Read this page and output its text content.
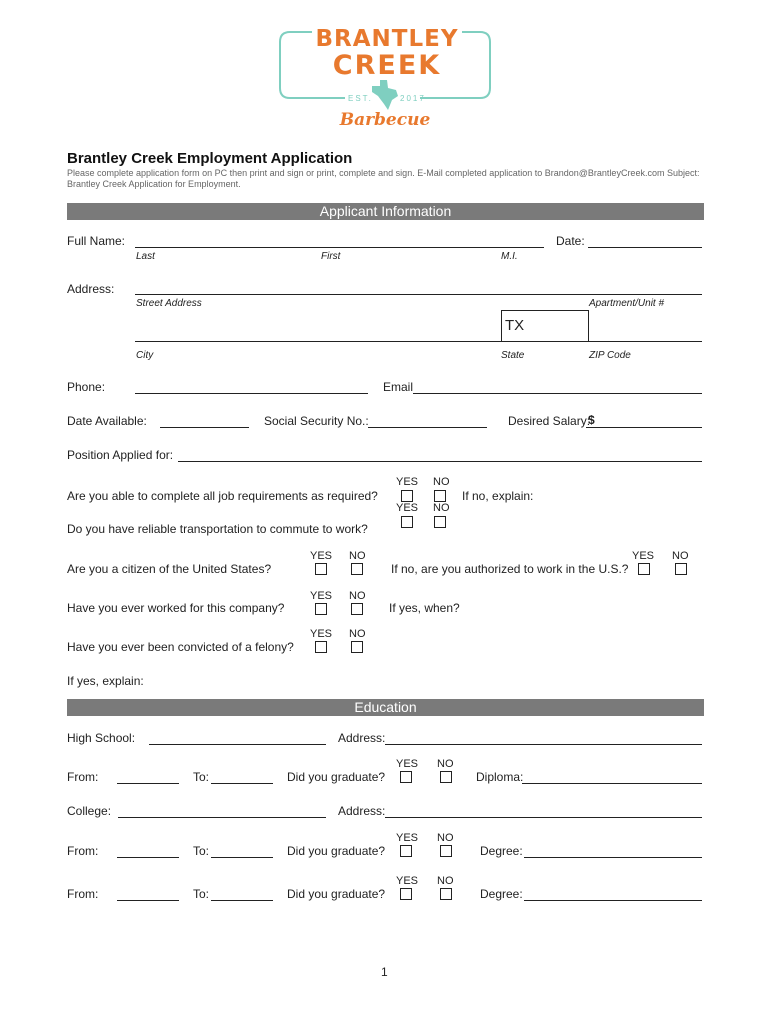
BRANTLEY
CREEK
EST.	2017
Barbecue
Brantley Creek Employment Application
Please complete application form on PC then print and sign or print, complete and sign. E-Mail completed application to Brandon@BrantleyCreek.com Subject: Brantley Creek Application for Employment.
Applicant Information
Full Name:	Date:
Last	First	M.I.
Address:
Street Address	Apartment/Unit #
TX
City	State	ZIP Code
Phone:	Email
Date Available:	Social Security No.:	Desired Salary:
$
Position Applied for:
YES NO
Are you able to complete all job requirements as required?	If no, explain:
YES NO
Do you have reliable transportation to commute to work?
YES NO
Are you a citizen of the United States?	If no, are you authorized to work in the U.S.?
YES NO
YES NO
Have you ever worked for this company?	If yes, when?
YES NO
Have you ever been convicted of a felony?
If yes, explain:
Education
High School:	Address:
YES NO
From:	To:	Did you graduate?	Diploma:
College:	Address:
YES NO
From:	To:	Did you graduate?	Degree:
YES NO
From:	To:	Did you graduate?	Degree:
1
